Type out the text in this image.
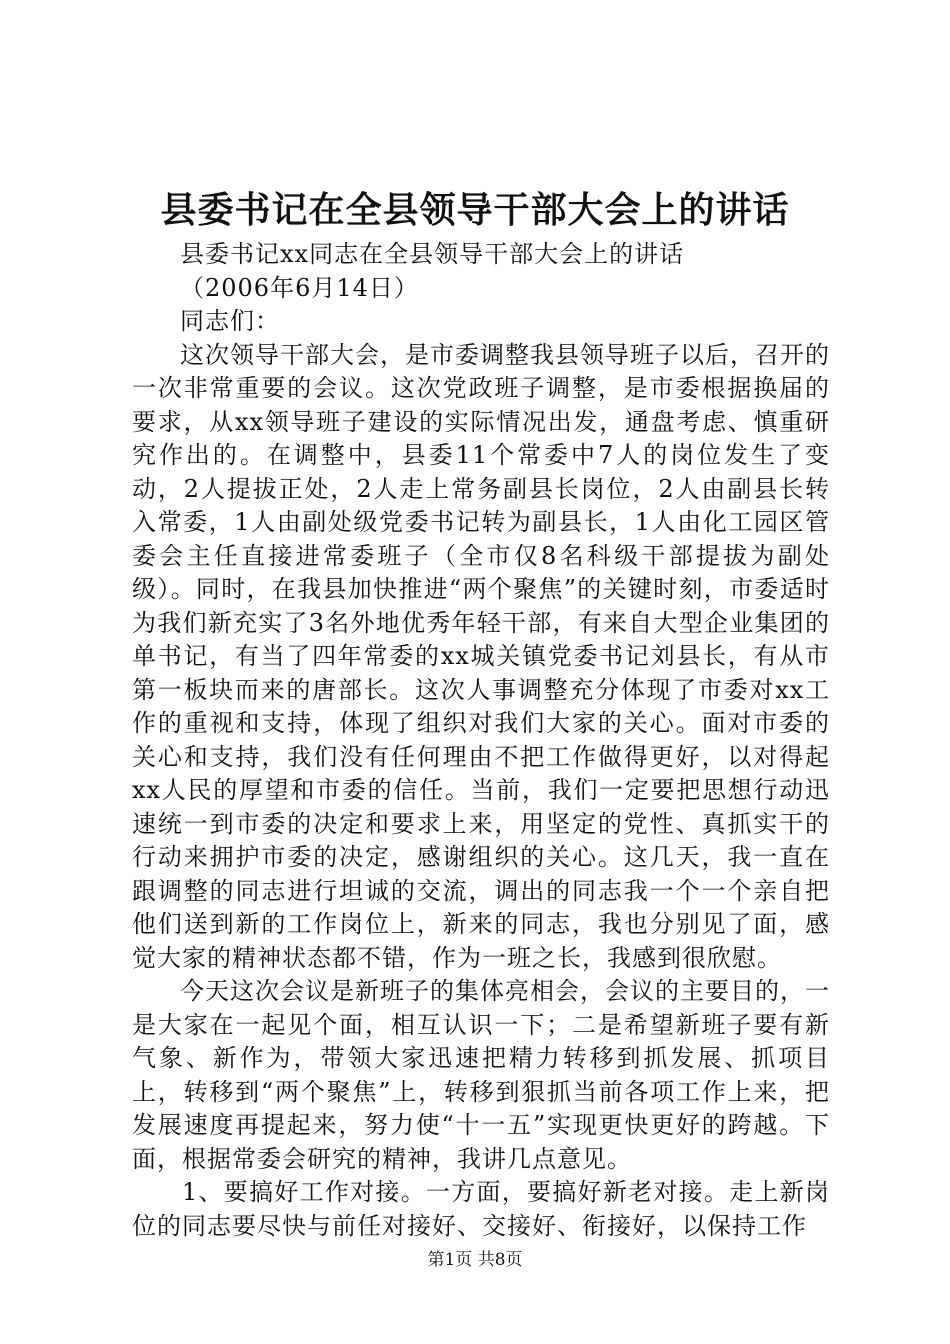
县委书记在全县领导干部大会上的讲话

县委书记xx同志在全县领导干部大会上的讲话

（2006年6月14日）

同志们：

这次领导干部大会，是市委调整我县领导班子以后，召开的一次非常重要的会议。这次党政班子调整，是市委根据换届的要求，从xx领导班子建设的实际情况出发，通盘考虑、慎重研究作出的。在调整中，县委11个常委中7人的岗位发生了变动，2人提拔正处，2人走上常务副县长岗位，2人由副县长转入常委，1人由副处级党委书记转为副县长，1人由化工园区管委会主任直接进常委班子（全市仅8名科级干部提拔为副处级）。同时，在我县加快推进“两个聚焦”的关键时刻，市委适时为我们新充实了3名外地优秀年轻干部，有来自大型企业集团的单书记，有当了四年常委的xx城关镇党委书记刘县长，有从市第一板块而来的唐部长。这次人事调整充分体现了市委对xx工作的重视和支持，体现了组织对我们大家的关心。面对市委的关心和支持，我们没有任何理由不把工作做得更好，以对得起xx人民的厚望和市委的信任。当前，我们一定要把思想行动迅速统一到市委的决定和要求上来，用坚定的党性、真抓实干的行动来拥护市委的决定，感谢组织的关心。这几天，我一直在跟调整的同志进行坦诚的交流，调出的同志我一个一个亲自把他们送到新的工作岗位上，新来的同志，我也分别见了面，感觉大家的精神状态都不错，作为一班之长，我感到很欣慰。

今天这次会议是新班子的集体亮相会，会议的主要目的，一是大家在一起见个面，相互认识一下；二是希望新班子要有新气象、新作为，带领大家迅速把精力转移到抓发展、抓项目上，转移到“两个聚焦”上，转移到狠抓当前各项工作上来，把发展速度再提起来，努力使“十一五”实现更快更好的跨越。下面，根据常委会研究的精神，我讲几点意见。

1、要搞好工作对接。一方面，要搞好新老对接。走上新岗位的同志要尽快与前任对接好、交接好、衔接好，以保持工作

第1页 共8页
